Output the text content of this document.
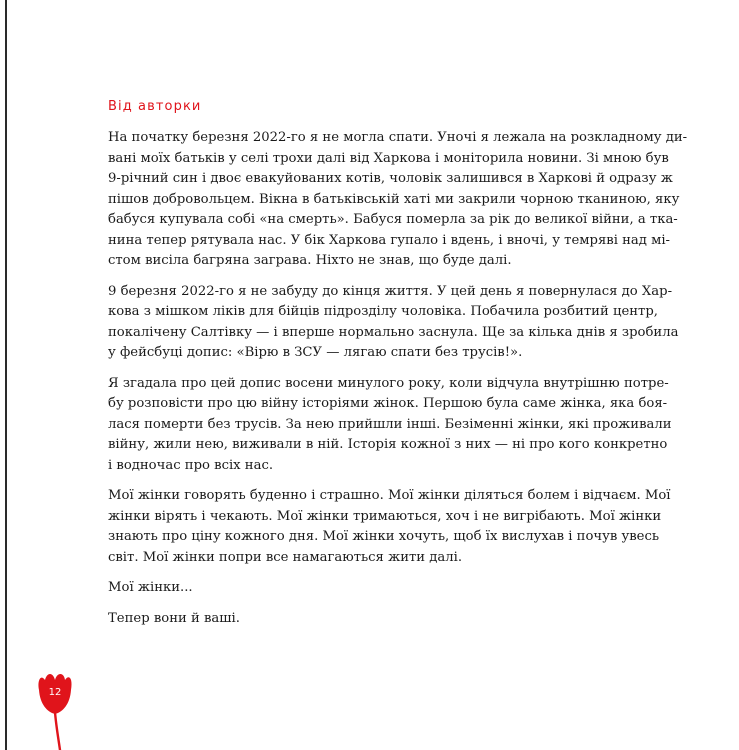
Від авторки

На початку березня 2022-го я не могла спати. Уночі я лежала на розкладному ди-
вані моїх батьків у селі трохи далі від Харкова і моніторила новини. Зі мною був
9-річний син і двоє евакуйованих котів, чоловік залишився в Харкові й одразу ж
пішов добровольцем. Вікна в батьківській хаті ми закрили чорною тканиною, яку
бабуся купувала собі «на смерть». Бабуся померла за рік до великої війни, а тка-
нина тепер рятувала нас. У бік Харкова гупало і вдень, і вночі, у темряві над мі-
стом висіла багряна заграва. Ніхто не знав, що буде далі.

9 березня 2022-го я не забуду до кінця життя. У цей день я повернулася до Хар-
кова з мішком ліків для бійців підрозділу чоловіка. Побачила розбитий центр,
покалічену Салтівку — і вперше нормально заснула. Ще за кілька днів я зробила
у фейсбуці допис: «Вірю в ЗСУ — лягаю спати без трусів!».

Я згадала про цей допис восени минулого року, коли відчула внутрішню потре-
бу розповісти про цю війну історіями жінок. Першою була саме жінка, яка боя-
лася померти без трусів. За нею прийшли інші. Безіменні жінки, які проживали
війну, жили нею, виживали в ній. Історія кожної з них — ні про кого конкретно
і водночас про всіх нас.

Мої жінки говорять буденно і страшно. Мої жінки діляться болем і відчаєм. Мої
жінки вірять і чекають. Мої жінки тримаються, хоч і не вигрібають. Мої жінки
знають про ціну кожного дня. Мої жінки хочуть, щоб їх вислухав і почув увесь
світ. Мої жінки попри все намагаються жити далі.

Мої жінки...

Тепер вони й ваші.

12
